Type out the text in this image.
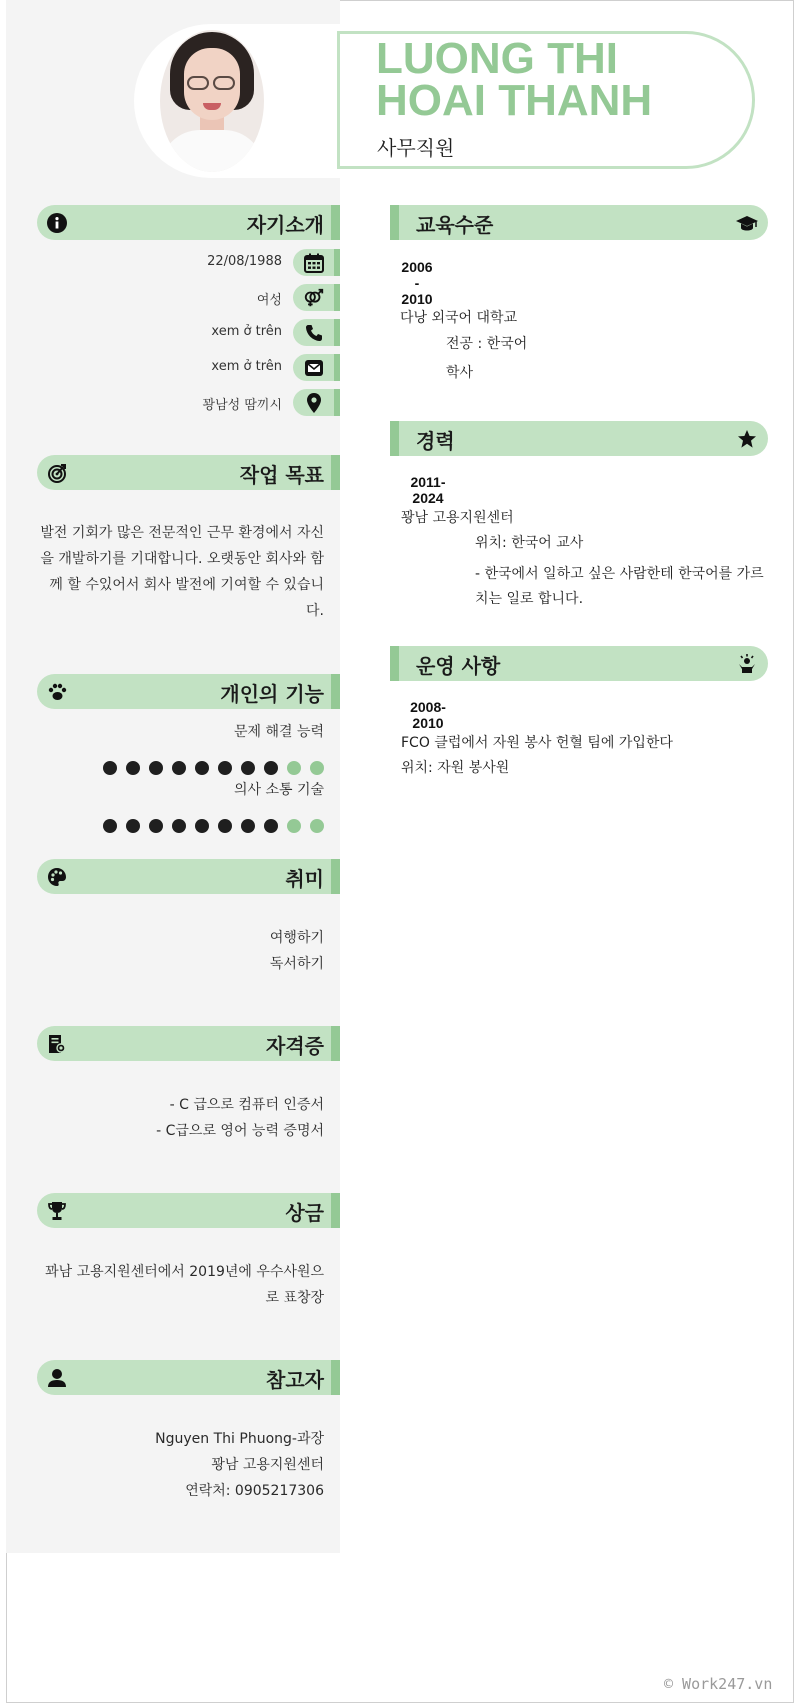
LUONG THI
HOAI THANH
사무직원
자기소개
22/08/1988
여성
xem ở trên
xem ở trên
꽝남성 땀끼시
작업 목표
발전 기회가 많은 전문적인 근무 환경에서 자신을 개발하기를 기대합니다. 오랫동안 회사와 함께 할 수있어서 회사 발전에 기여할 수 있습니다.
개인의 기능
문제 해결 능력
의사 소통 기술
취미
여행하기
독서하기
자격증
- C 급으로 컴퓨터 인증서
- C급으로 영어 능력 증명서
상금
꽈남 고용지원센터에서 2019년에 우수사원으로 표창장
참고자
Nguyen Thi Phuong-과장
꽝남 고용지원센터
연락처: 0905217306
교육수준
2006
-
2010
다낭 외국어 대학교
전공 : 한국어
학사
경력
2011-
2024
꽝남 고용지원센터
위치: 한국어 교사
- 한국에서 일하고 싶은 사람한테 한국어를 가르치는 일로 합니다.
운영 사항
2008-
2010
FCO 클럽에서 자원 봉사 헌혈 팀에 가입한다
위치: 자원 봉사원
© Work247.vn
